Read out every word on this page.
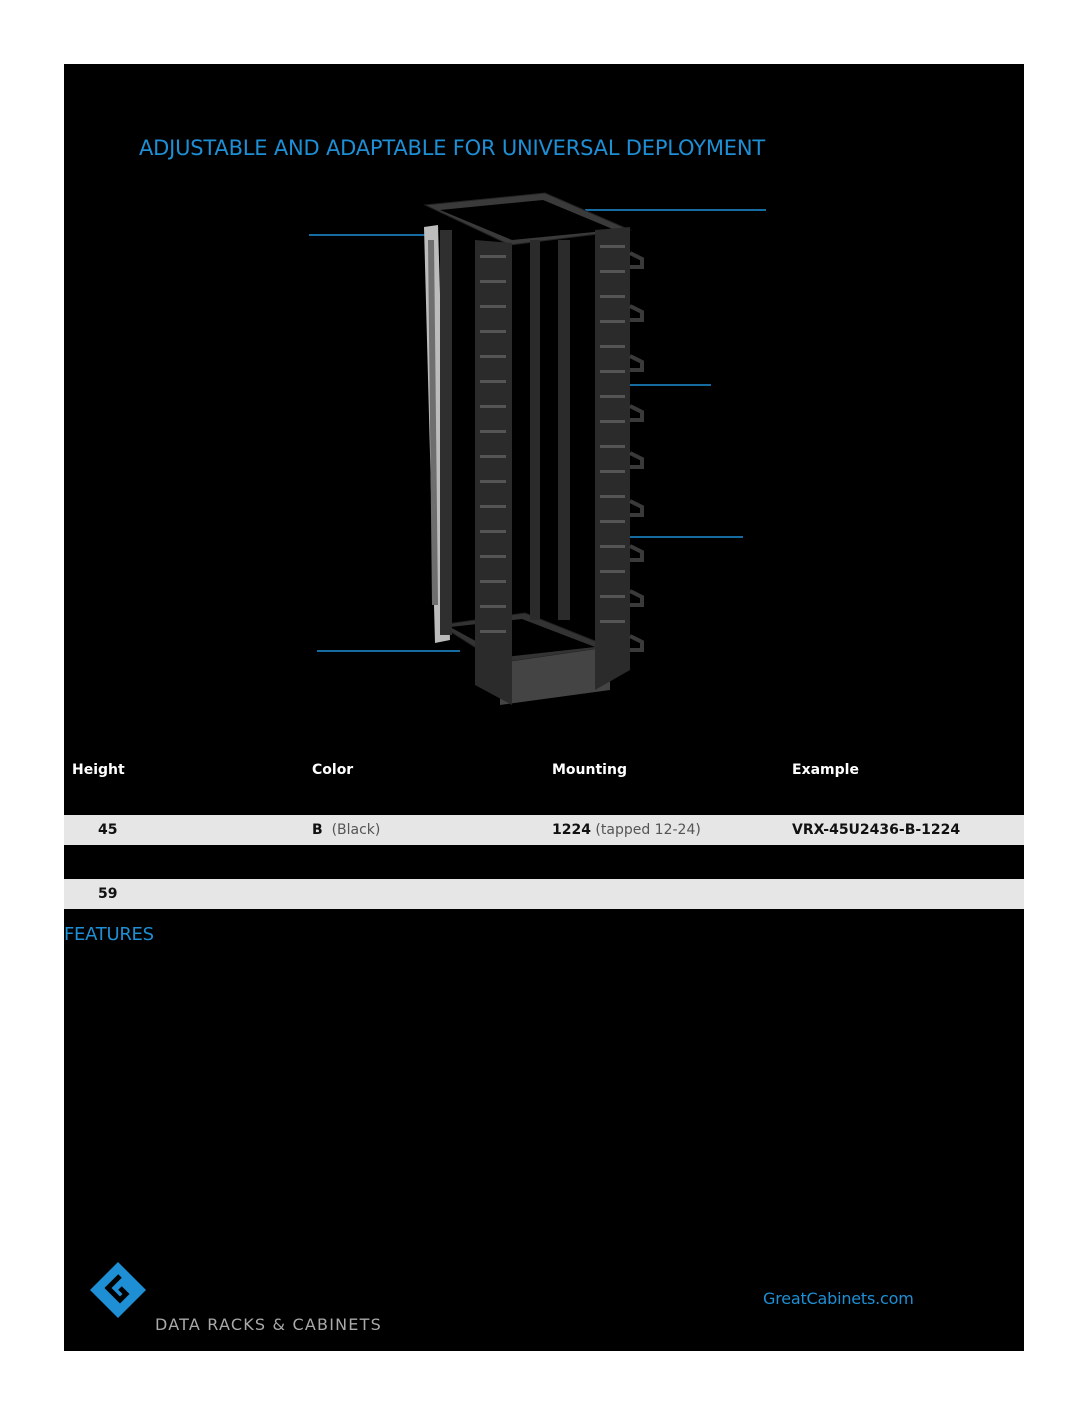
ADJUSTABLE AND ADAPTABLE FOR UNIVERSAL DEPLOYMENT
Height	Color	Mounting	Example
45	B (Black)	1224 (tapped 12-24)	VRX-45U2436-B-1224
59
FEATURES
DATA RACKS & CABINETS
GreatCabinets.com
